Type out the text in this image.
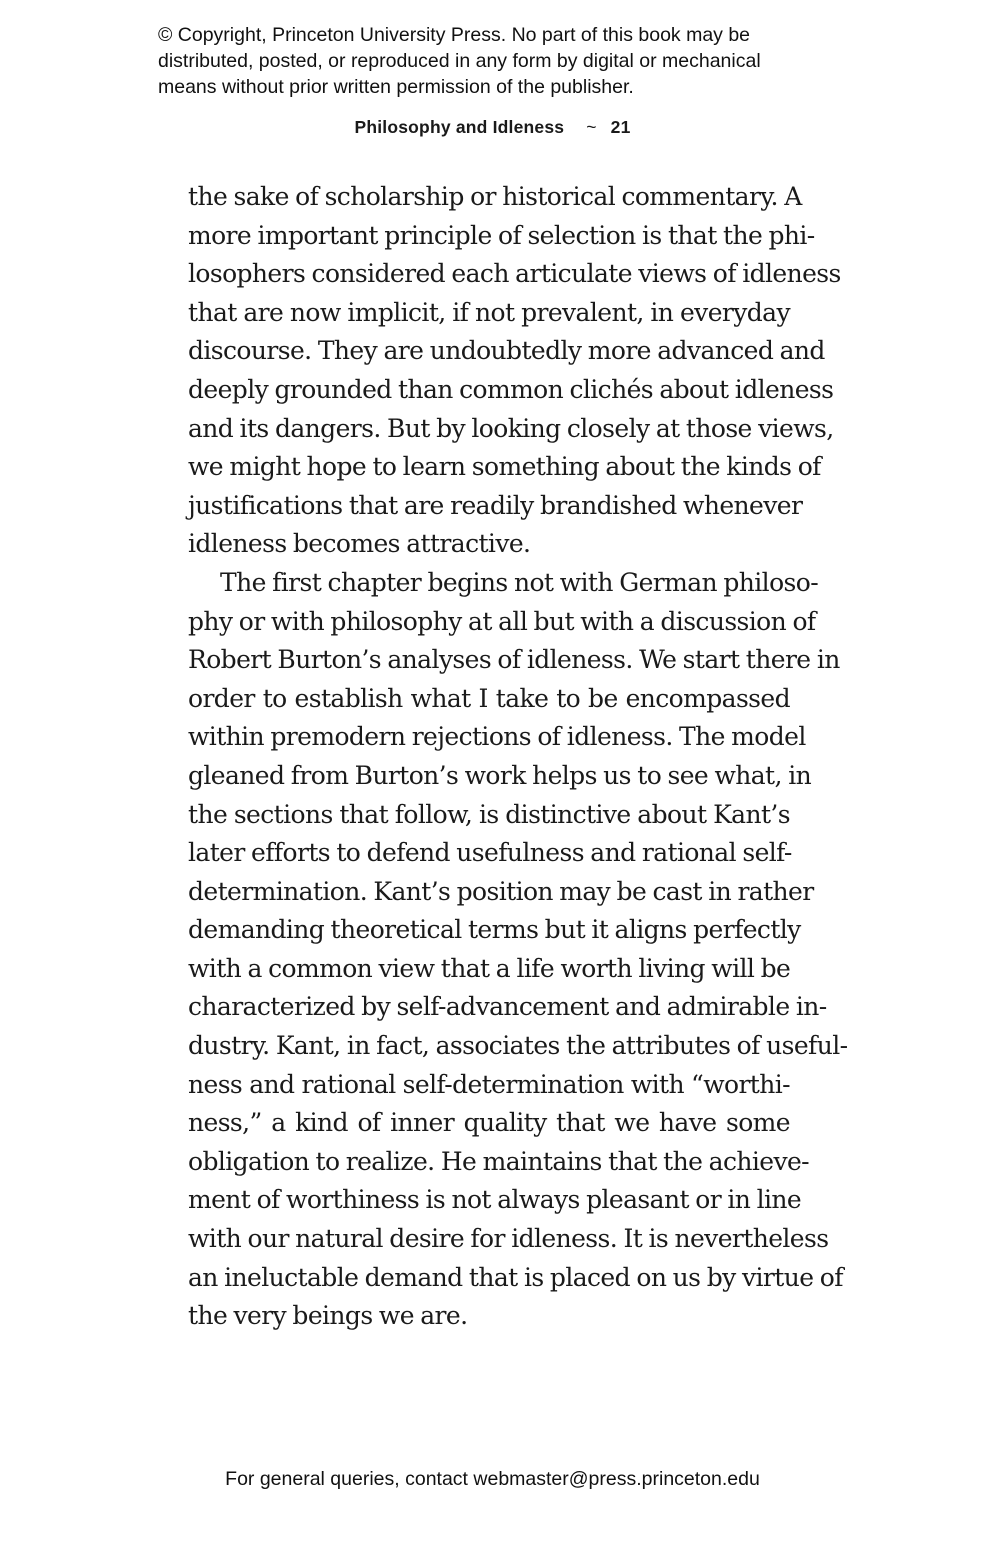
© Copyright, Princeton University Press. No part of this book may be
distributed, posted, or reproduced in any form by digital or mechanical
means without prior written permission of the publisher.
Philosophy and Idleness ~ 21
the sake of scholarship or historical commentary. A
more important principle of selection is that the phi-
losophers considered each articulate views of idleness
that are now implicit, if not prevalent, in everyday
discourse. They are undoubtedly more advanced and
deeply grounded than common clichés about idleness
and its dangers. But by looking closely at those views,
we might hope to learn something about the kinds of
justifications that are readily brandished whenever
idleness becomes attractive.
The first chapter begins not with German philoso-
phy or with philosophy at all but with a discussion of
Robert Burton’s analyses of idleness. We start there in
order to establish what I take to be encompassed
within premodern rejections of idleness. The model
gleaned from Burton’s work helps us to see what, in
the sections that follow, is distinctive about Kant’s
later efforts to defend usefulness and rational self-
determination. Kant’s position may be cast in rather
demanding theoretical terms but it aligns perfectly
with a common view that a life worth living will be
characterized by self-advancement and admirable in-
dustry. Kant, in fact, associates the attributes of useful-
ness and rational self-determination with “worthi-
ness,” a kind of inner quality that we have some
obligation to realize. He maintains that the achieve-
ment of worthiness is not always pleasant or in line
with our natural desire for idleness. It is nevertheless
an ineluctable demand that is placed on us by virtue of
the very beings we are.
For general queries, contact webmaster@press.princeton.edu
